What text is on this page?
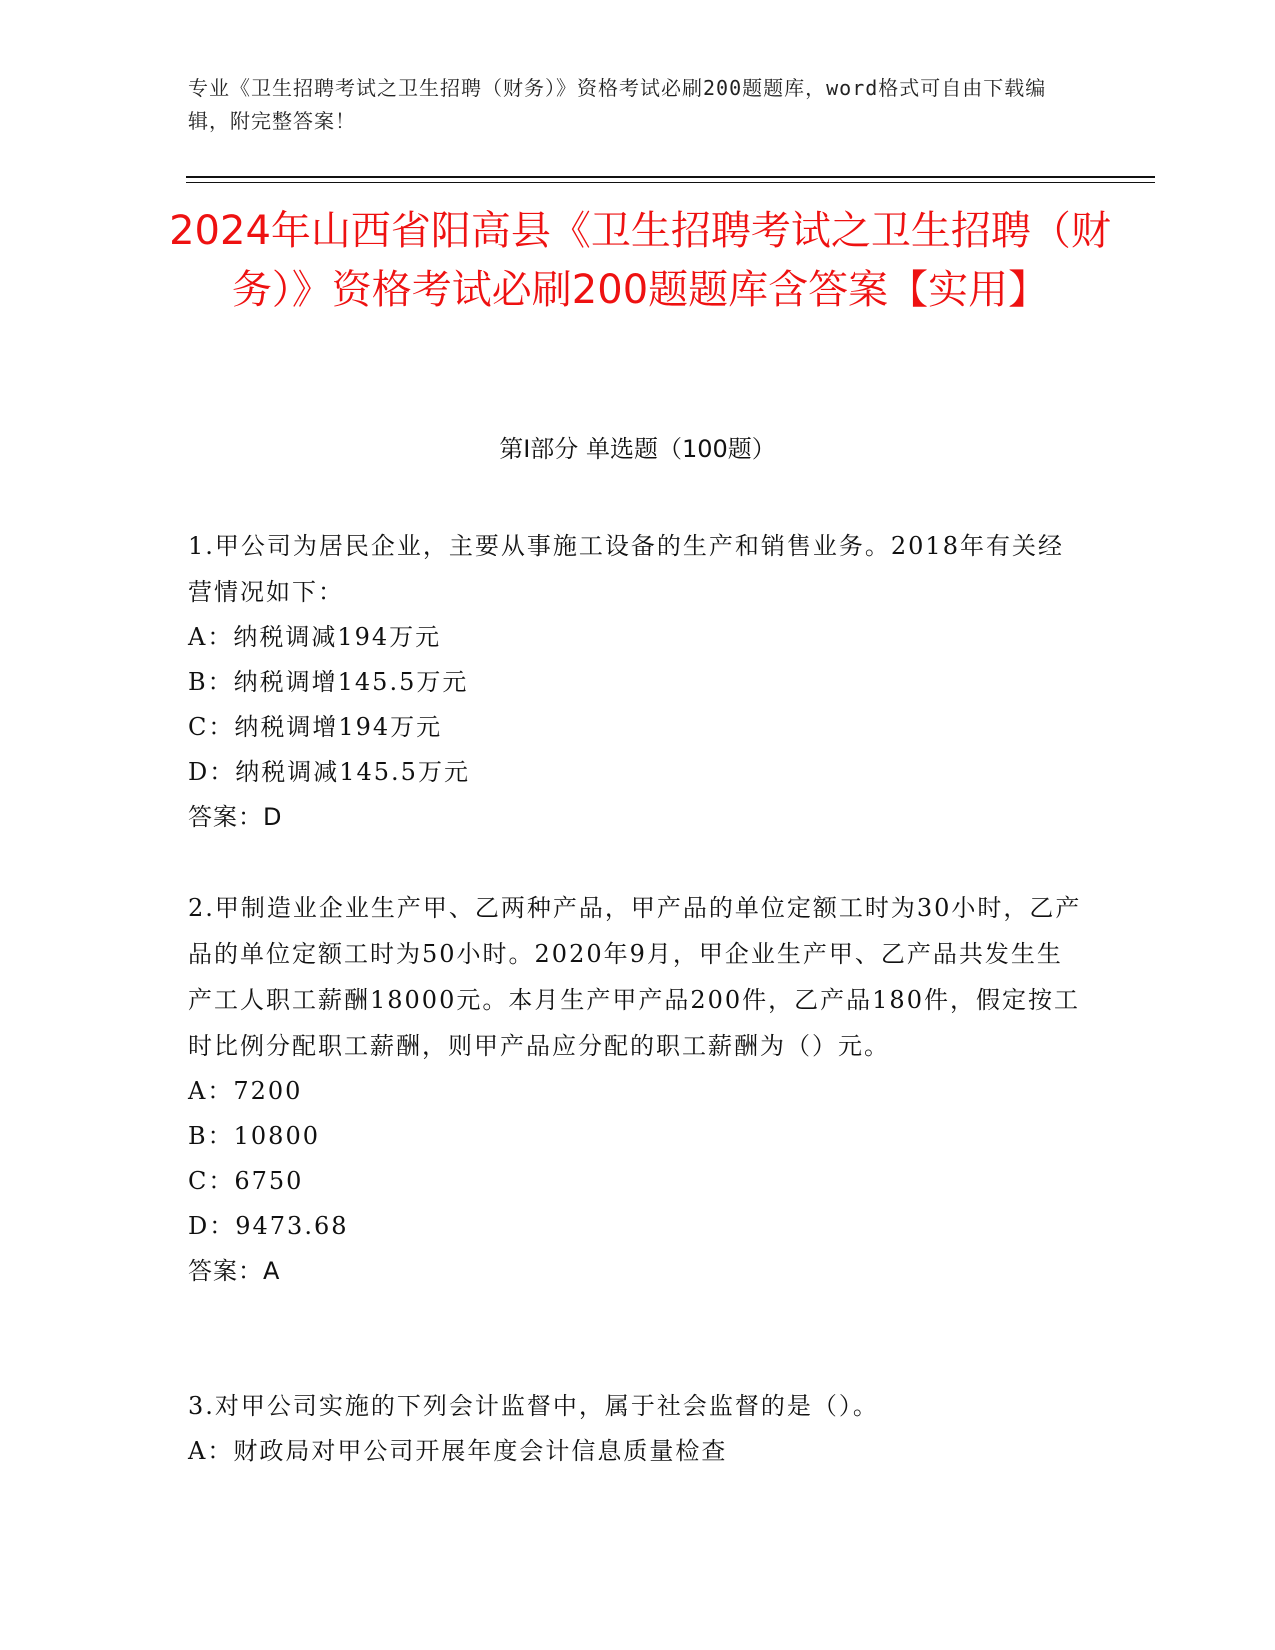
专业《卫生招聘考试之卫生招聘（财务）》资格考试必刷200题题库，word格式可自由下载编辑，附完整答案！
2024年山西省阳高县《卫生招聘考试之卫生招聘（财务）》资格考试必刷200题题库含答案【实用】
第I部分 单选题（100题）
1.甲公司为居民企业，主要从事施工设备的生产和销售业务。2018年有关经营情况如下：
A：纳税调减194万元
B：纳税调增145.5万元
C：纳税调增194万元
D：纳税调减145.5万元
答案：D
2.甲制造业企业生产甲、乙两种产品，甲产品的单位定额工时为30小时，乙产品的单位定额工时为50小时。2020年9月，甲企业生产甲、乙产品共发生生产工人职工薪酬18000元。本月生产甲产品200件，乙产品180件，假定按工时比例分配职工薪酬，则甲产品应分配的职工薪酬为（）元。
A：7200
B：10800
C：6750
D：9473.68
答案：A
3.对甲公司实施的下列会计监督中，属于社会监督的是（）。
A：财政局对甲公司开展年度会计信息质量检查
